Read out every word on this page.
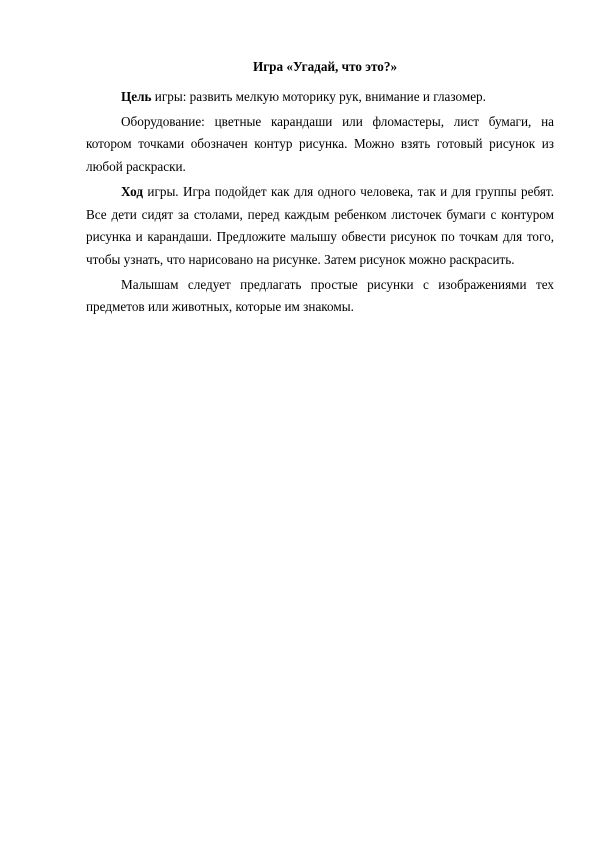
Игра «Угадай, что это?»

Цель игры: развить мелкую моторику рук, внимание и глазомер.

Оборудование: цветные карандаши или фломастеры, лист бумаги, на котором точками обозначен контур рисунка. Можно взять готовый рисунок из любой раскраски.

Ход игры. Игра подойдет как для одного человека, так и для группы ребят. Все дети сидят за столами, перед каждым ребенком листочек бумаги с контуром рисунка и карандаши. Предложите малышу обвести рисунок по точкам для того, чтобы узнать, что нарисовано на рисунке. Затем рисунок можно раскрасить.

Малышам следует предлагать простые рисунки с изображениями тех предметов или животных, которые им знакомы.
